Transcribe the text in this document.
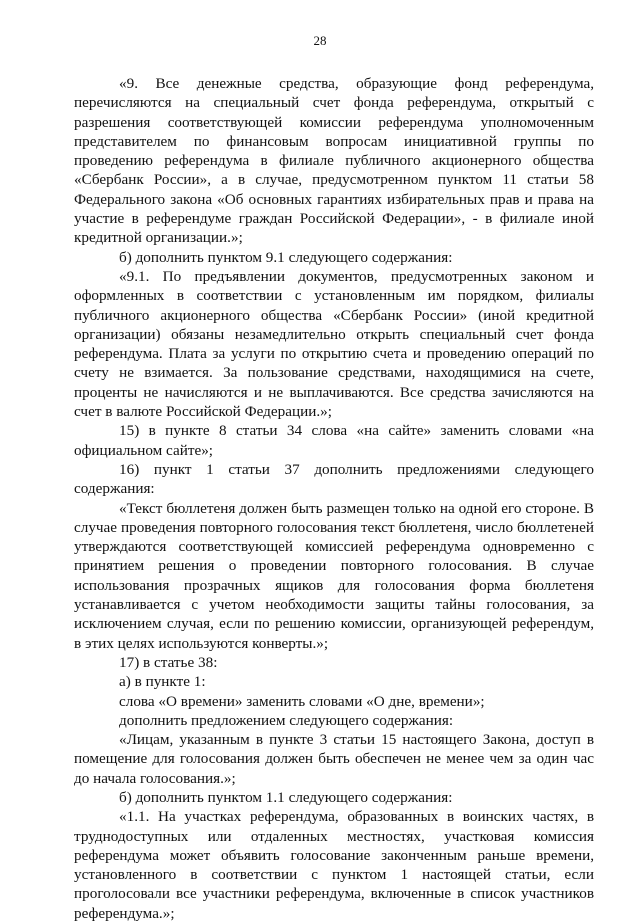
28

«9. Все денежные средства, образующие фонд референдума, перечисляются на специальный счет фонда референдума, открытый с разрешения соответствующей комиссии референдума уполномоченным представителем по финансовым вопросам инициативной группы по проведению референдума в филиале публичного акционерного общества «Сбербанк России», а в случае, предусмотренном пунктом 11 статьи 58 Федерального закона «Об основных гарантиях избирательных прав и права на участие в референдуме граждан Российской Федерации», - в филиале иной кредитной организации.»;

б) дополнить пунктом 9.1 следующего содержания:

«9.1. По предъявлении документов, предусмотренных законом и оформленных в соответствии с установленным им порядком, филиалы публичного акционерного общества «Сбербанк России» (иной кредитной организации) обязаны незамедлительно открыть специальный счет фонда референдума. Плата за услуги по открытию счета и проведению операций по счету не взимается. За пользование средствами, находящимися на счете, проценты не начисляются и не выплачиваются. Все средства зачисляются на счет в валюте Российской Федерации.»;

15) в пункте 8 статьи 34 слова «на сайте» заменить словами «на официальном сайте»;

16) пункт 1 статьи 37 дополнить предложениями следующего содержания:

«Текст бюллетеня должен быть размещен только на одной его стороне. В случае проведения повторного голосования текст бюллетеня, число бюллетеней утверждаются соответствующей комиссией референдума одновременно с принятием решения о проведении повторного голосования. В случае использования прозрачных ящиков для голосования форма бюллетеня устанавливается с учетом необходимости защиты тайны голосования, за исключением случая, если по решению комиссии, организующей референдум, в этих целях используются конверты.»;

17) в статье 38:

а) в пункте 1:

слова «О времени» заменить словами «О дне, времени»;

дополнить предложением следующего содержания:

«Лицам, указанным в пункте 3 статьи 15 настоящего Закона, доступ в помещение для голосования должен быть обеспечен не менее чем за один час до начала голосования.»;

б) дополнить пунктом 1.1 следующего содержания:

«1.1. На участках референдума, образованных в воинских частях, в труднодоступных или отдаленных местностях, участковая комиссия референдума может объявить голосование законченным раньше времени, установленного в соответствии с пунктом 1 настоящей статьи, если проголосовали все участники референдума, включенные в список участников референдума.»;
